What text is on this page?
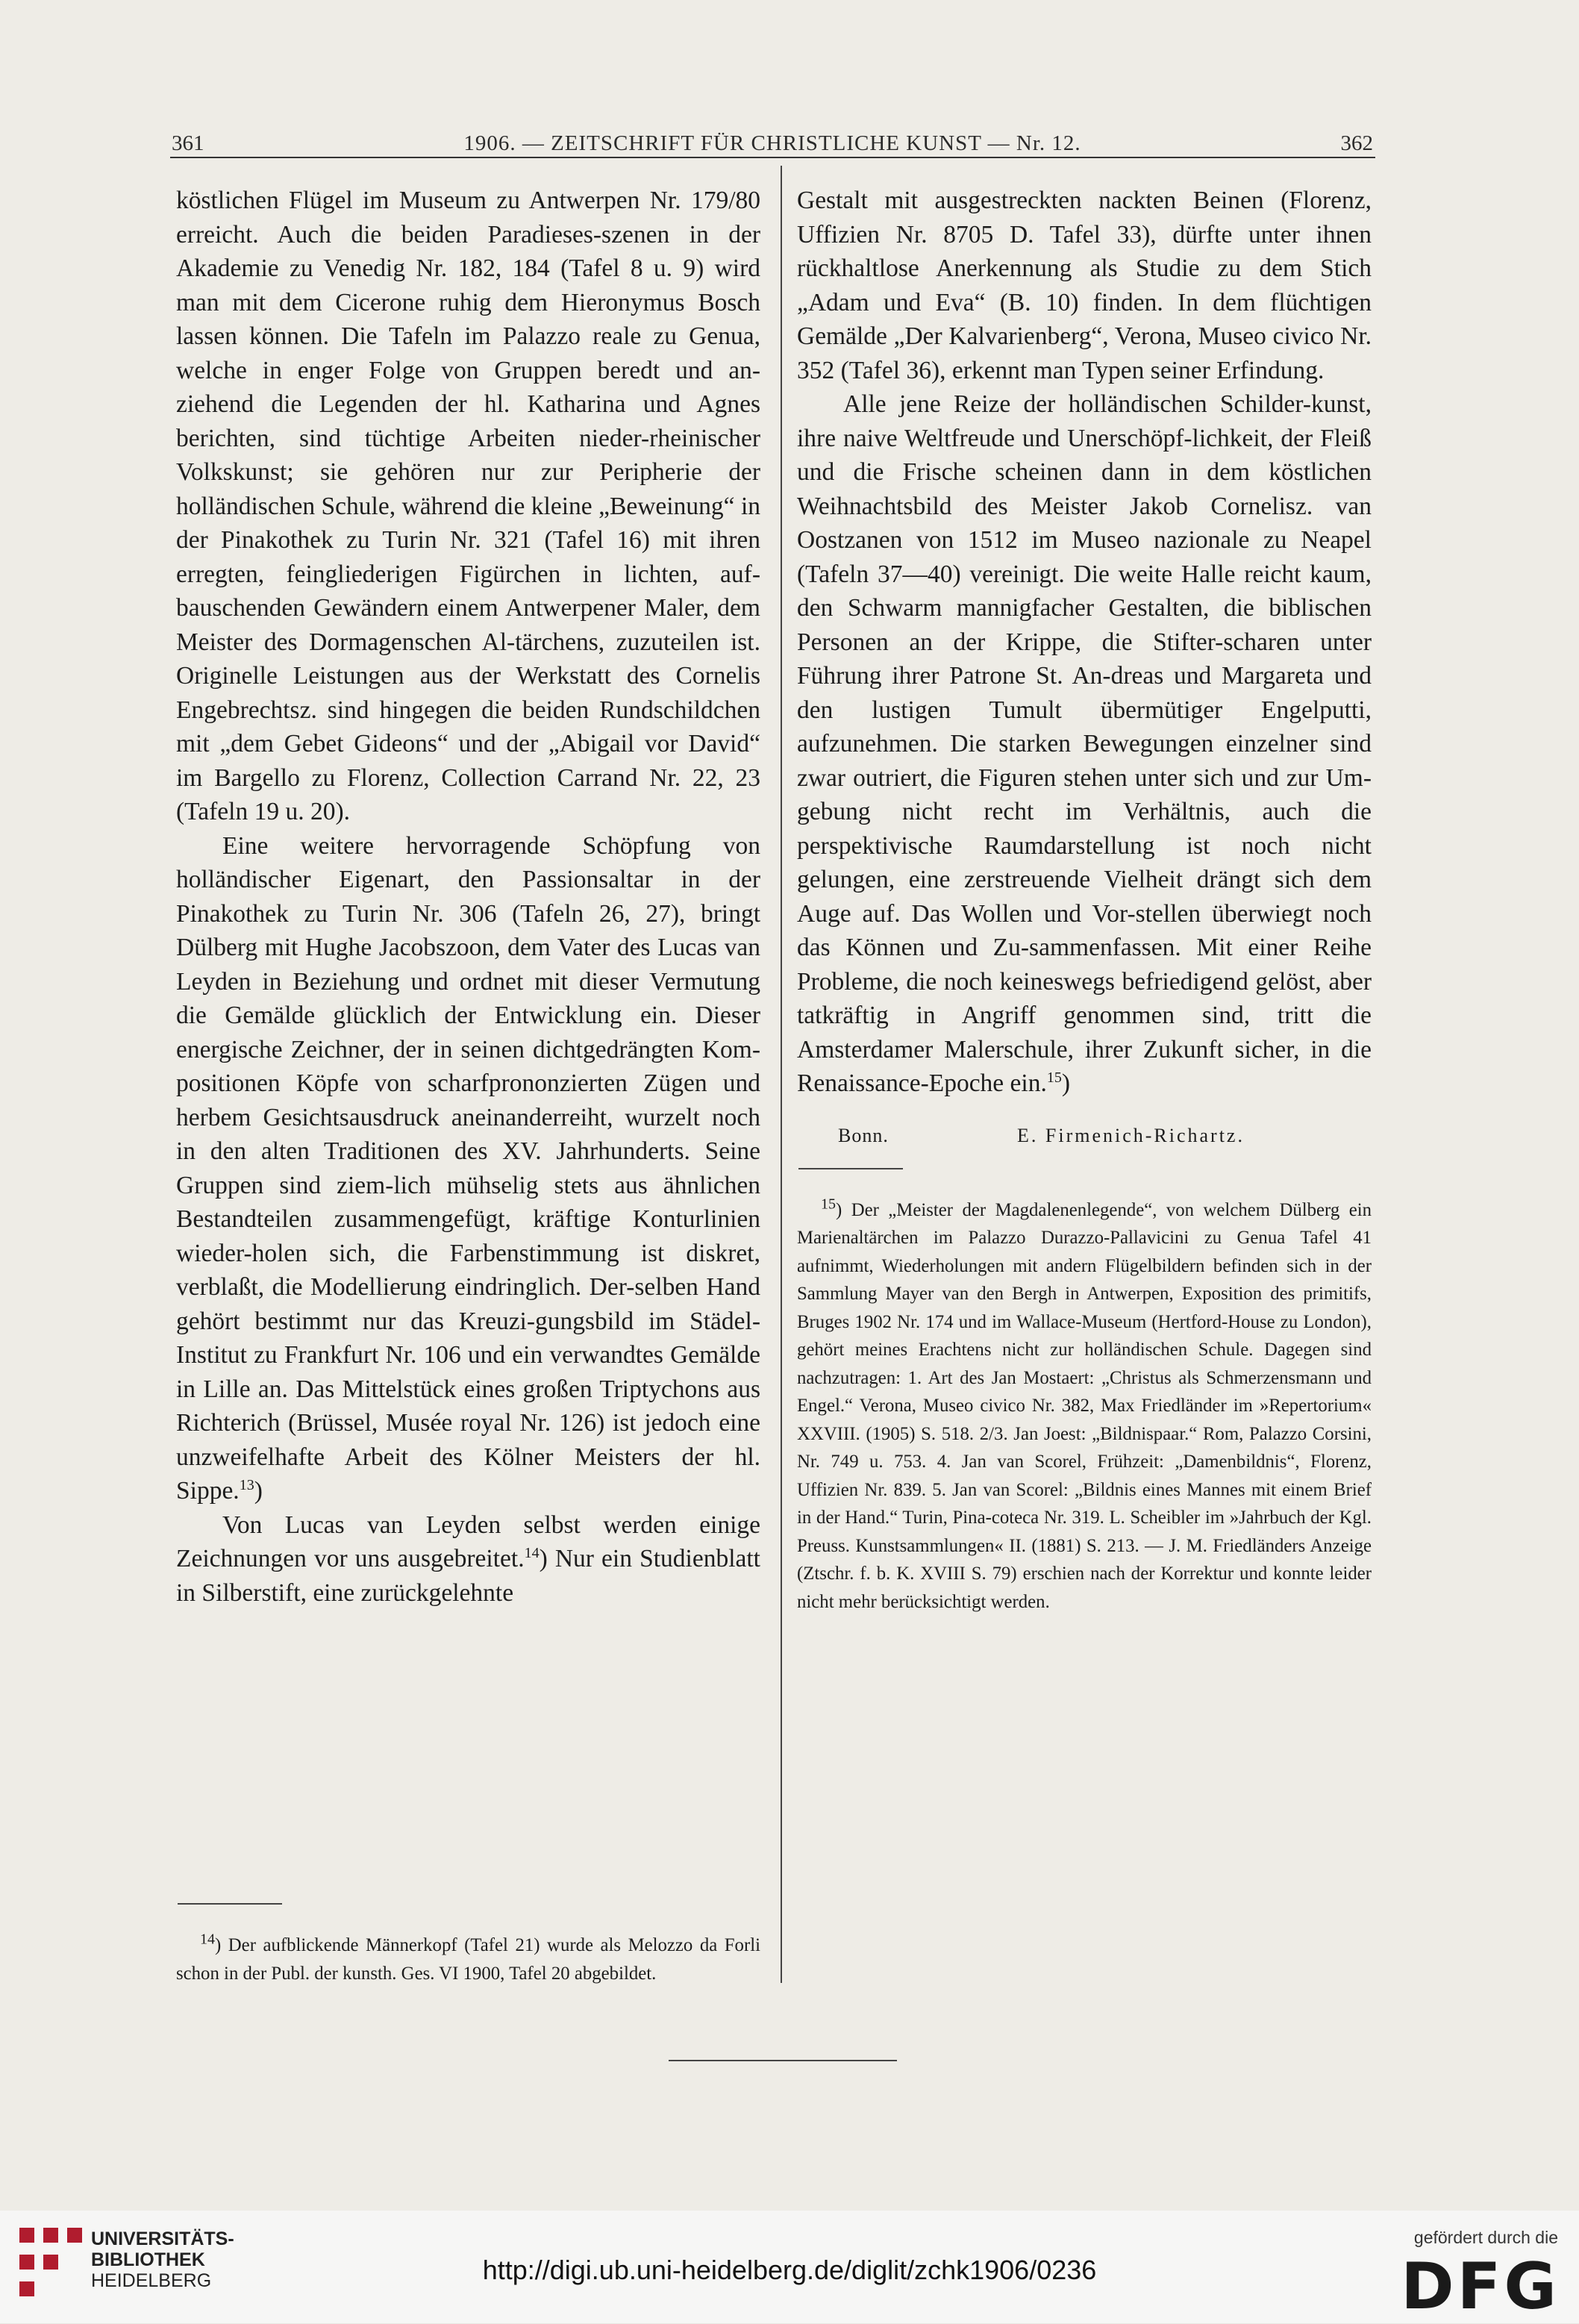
361	1906. — ZEITSCHRIFT FÜR CHRISTLICHE KUNST — Nr. 12.	362

köstlichen Flügel im Museum zu Antwerpen Nr. 179/80 erreicht. Auch die beiden Paradieses-szenen in der Akademie zu Venedig Nr. 182, 184 (Tafel 8 u. 9) wird man mit dem Cicerone ruhig dem Hieronymus Bosch lassen können. Die Tafeln im Palazzo reale zu Genua, welche in enger Folge von Gruppen beredt und an-ziehend die Legenden der hl. Katharina und Agnes berichten, sind tüchtige Arbeiten nieder-rheinischer Volkskunst; sie gehören nur zur Peripherie der holländischen Schule, während die kleine „Beweinung“ in der Pinakothek zu Turin Nr. 321 (Tafel 16) mit ihren erregten, feingliederigen Figürchen in lichten, auf-bauschenden Gewändern einem Antwerpener Maler, dem Meister des Dormagenschen Al-tärchens, zuzuteilen ist. Originelle Leistungen aus der Werkstatt des Cornelis Engebrechtsz. sind hingegen die beiden Rundschildchen mit „dem Gebet Gideons“ und der „Abigail vor David“ im Bargello zu Florenz, Collection Carrand Nr. 22, 23 (Tafeln 19 u. 20).

Eine weitere hervorragende Schöpfung von holländischer Eigenart, den Passionsaltar in der Pinakothek zu Turin Nr. 306 (Tafeln 26, 27), bringt Dülberg mit Hughe Jacobszoon, dem Vater des Lucas van Leyden in Beziehung und ordnet mit dieser Vermutung die Gemälde glücklich der Entwicklung ein. Dieser energische Zeichner, der in seinen dichtgedrängten Kom-positionen Köpfe von scharfprononzierten Zügen und herbem Gesichtsausdruck aneinanderreiht, wurzelt noch in den alten Traditionen des XV. Jahrhunderts. Seine Gruppen sind ziem-lich mühselig stets aus ähnlichen Bestandteilen zusammengefügt, kräftige Konturlinien wieder-holen sich, die Farbenstimmung ist diskret, verblaßt, die Modellierung eindringlich. Der-selben Hand gehört bestimmt nur das Kreuzi-gungsbild im Städel-Institut zu Frankfurt Nr. 106 und ein verwandtes Gemälde in Lille an. Das Mittelstück eines großen Triptychons aus Richterich (Brüssel, Musée royal Nr. 126) ist jedoch eine unzweifelhafte Arbeit des Kölner Meisters der hl. Sippe.$^{13}$)

Von Lucas van Leyden selbst werden einige Zeichnungen vor uns ausgebreitet.$^{14}$) Nur ein Studienblatt in Silberstift, eine zurückgelehnte

$^{14}$) Der aufblickende Männerkopf (Tafel 21) wurde als Melozzo da Forli schon in der Publ. der kunsth. Ges. VI 1900, Tafel 20 abgebildet.

Gestalt mit ausgestreckten nackten Beinen (Florenz, Uffizien Nr. 8705 D. Tafel 33), dürfte unter ihnen rückhaltlose Anerkennung als Studie zu dem Stich „Adam und Eva“ (B. 10) finden. In dem flüchtigen Gemälde „Der Kalvarienberg“, Verona, Museo civico Nr. 352 (Tafel 36), erkennt man Typen seiner Erfindung.

Alle jene Reize der holländischen Schilder-kunst, ihre naive Weltfreude und Unerschöpf-lichkeit, der Fleiß und die Frische scheinen dann in dem köstlichen Weihnachtsbild des Meister Jakob Cornelisz. van Oostzanen von 1512 im Museo nazionale zu Neapel (Tafeln 37—40) vereinigt. Die weite Halle reicht kaum, den Schwarm mannigfacher Gestalten, die biblischen Personen an der Krippe, die Stifter-scharen unter Führung ihrer Patrone St. An-dreas und Margareta und den lustigen Tumult übermütiger Engelputti, aufzunehmen. Die starken Bewegungen einzelner sind zwar outriert, die Figuren stehen unter sich und zur Um-gebung nicht recht im Verhältnis, auch die perspektivische Raumdarstellung ist noch nicht gelungen, eine zerstreuende Vielheit drängt sich dem Auge auf. Das Wollen und Vor-stellen überwiegt noch das Können und Zu-sammenfassen. Mit einer Reihe Probleme, die noch keineswegs befriedigend gelöst, aber tatkräftig in Angriff genommen sind, tritt die Amsterdamer Malerschule, ihrer Zukunft sicher, in die Renaissance-Epoche ein.$^{15}$)

Bonn.	E. Firmenich-Richartz.

$^{15}$) Der „Meister der Magdalenenlegende“, von welchem Dülberg ein Marienaltärchen im Palazzo Durazzo-Pallavicini zu Genua Tafel 41 aufnimmt, Wiederholungen mit andern Flügelbildern befinden sich in der Sammlung Mayer van den Bergh in Antwerpen, Exposition des primitifs, Bruges 1902 Nr. 174 und im Wallace-Museum (Hertford-House zu London), gehört meines Erachtens nicht zur holländischen Schule. Dagegen sind nachzutragen: 1. Art des Jan Mostaert: „Christus als Schmerzensmann und Engel.“ Verona, Museo civico Nr. 382, Max Friedländer im »Repertorium« XXVIII. (1905) S. 518. 2/3. Jan Joest: „Bildnispaar.“ Rom, Palazzo Corsini, Nr. 749 u. 753. 4. Jan van Scorel, Frühzeit: „Damenbildnis“, Florenz, Uffizien Nr. 839. 5. Jan van Scorel: „Bildnis eines Mannes mit einem Brief in der Hand.“ Turin, Pina-coteca Nr. 319. L. Scheibler im »Jahrbuch der Kgl. Preuss. Kunstsammlungen« II. (1881) S. 213. — J. M. Friedländers Anzeige (Ztschr. f. b. K. XVIII S. 79) erschien nach der Korrektur und konnte leider nicht mehr berücksichtigt werden.

UNIVERSITÄTS-
BIBLIOTHEK
HEIDELBERG	http://digi.ub.uni-heidelberg.de/diglit/zchk1906/0236
gefördert durch die
DFG
